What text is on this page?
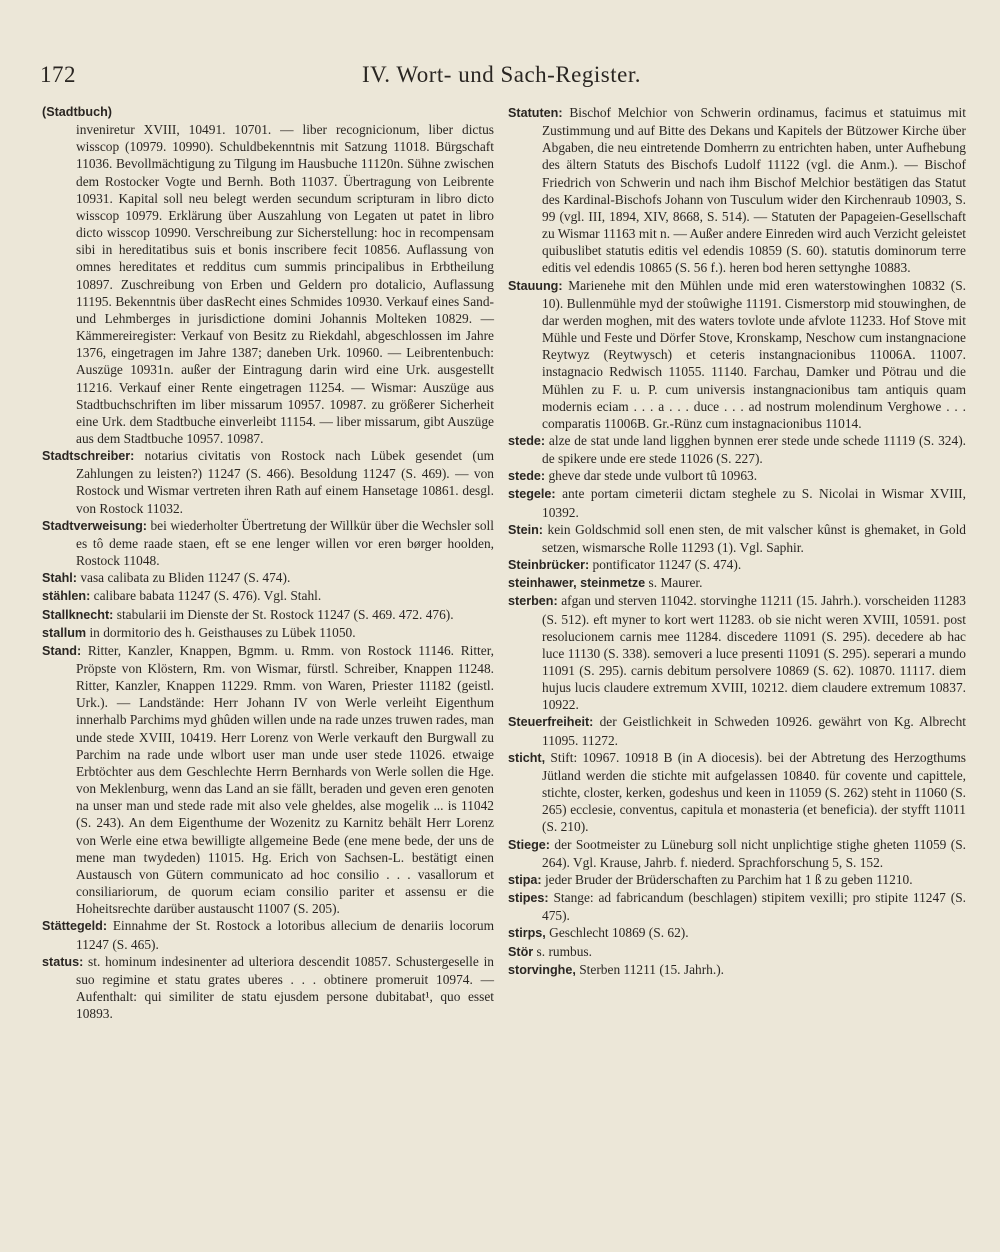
172	IV. Wort- und Sach-Register.

(Stadtbuch)
inveniretur XVIII, 10491. 10701. — liber recognicionum, liber dictus wisscop (10979. 10990). Schuldbekenntnis mit Satzung 11018. Bürgschaft 11036. Bevollmächtigung zu Tilgung im Hausbuche 11120n. Sühne zwischen dem Rostocker Vogte und Bernh. Both 11037. Übertragung von Leibrente 10931. Kapital soll neu belegt werden secundum scripturam in libro dicto wisscop 10979. Erklärung über Auszahlung von Legaten ut patet in libro dicto wisscop 10990. Verschreibung zur Sicherstellung: hoc in recompensam sibi in hereditatibus suis et bonis inscribere fecit 10856. Auflassung von omnes hereditates et redditus cum summis principalibus in Erbtheilung 10897. Zuschreibung von Erben und Geldern pro dotalicio, Auflassung 11195. Bekenntnis über dasRecht eines Schmides 10930. Verkauf eines Sand- und Lehmberges in jurisdictione domini Johannis Molteken 10829. — Kämmereiregister: Verkauf von Besitz zu Riekdahl, abgeschlossen im Jahre 1376, eingetragen im Jahre 1387; daneben Urk. 10960. — Leibrentenbuch: Auszüge 10931n. außer der Eintragung darin wird eine Urk. ausgestellt 11216. Verkauf einer Rente eingetragen 11254. — Wismar: Auszüge aus Stadtbuchschriften im liber missarum 10957. 10987. zu größerer Sicherheit eine Urk. dem Stadtbuche einverleibt 11154. — liber missarum, gibt Auszüge aus dem Stadtbuche 10957. 10987.

Stadtschreiber: notarius civitatis von Rostock nach Lübek gesendet (um Zahlungen zu leisten?) 11247 (S. 466). Besoldung 11247 (S. 469). — von Rostock und Wismar vertreten ihren Rath auf einem Hansetage 10861. desgl. von Rostock 11032.

Stadtverweisung: bei wiederholter Übertretung der Willkür über die Wechsler soll es tô deme raade staen, eft se ene lenger willen vor eren børger hoolden, Rostock 11048.

Stahl: vasa calibata zu Bliden 11247 (S. 474).

stählen: calibare babata 11247 (S. 476). Vgl. Stahl.

Stallknecht: stabularii im Dienste der St. Rostock 11247 (S. 469. 472. 476).

stallum in dormitorio des h. Geisthauses zu Lübek 11050.

Stand: Ritter, Kanzler, Knappen, Bgmm. u. Rmm. von Rostock 11146. Ritter, Pröpste von Klöstern, Rm. von Wismar, fürstl. Schreiber, Knappen 11248. Ritter, Kanzler, Knappen 11229. Rmm. von Waren, Priester 11182 (geistl. Urk.). — Landstände: Herr Johann IV von Werle verleiht Eigenthum innerhalb Parchims myd ghûden willen unde na rade unzes truwen rades, man unde stede XVIII, 10419. Herr Lorenz von Werle verkauft den Burgwall zu Parchim na rade unde wlbort user man unde user stede 11026. etwaige Erbtöchter aus dem Geschlechte Herrn Bernhards von Werle sollen die Hge. von Meklenburg, wenn das Land an sie fällt, beraden und geven eren genoten na unser man und stede rade mit also vele gheldes, alse mogelik ... is 11042 (S. 243). An dem Eigenthume der Wozenitz zu Karnitz behält Herr Lorenz von Werle eine etwa bewilligte allgemeine Bede (ene mene bede, der uns de mene man twydeden) 11015. Hg. Erich von Sachsen-L. bestätigt einen Austausch von Gütern communicato ad hoc consilio . . . vasallorum et consiliariorum, de quorum eciam consilio pariter et assensu er die Hoheitsrechte darüber austauscht 11007 (S. 205).

Stättegeld: Einnahme der St. Rostock a lotoribus allecium de denariis locorum 11247 (S. 465).

status: st. hominum indesinenter ad ulteriora descendit 10857. Schustergeselle in suo regimine et statu grates uberes . . . obtinere promeruit 10974. — Aufenthalt: qui similiter de statu ejusdem persone dubitabat¹, quo esset 10893.

Statuten: Bischof Melchior von Schwerin ordinamus, facimus et statuimus mit Zustimmung und auf Bitte des Dekans und Kapitels der Bützower Kirche über Abgaben, die neu eintretende Domherrn zu entrichten haben, unter Aufhebung des ältern Statuts des Bischofs Ludolf 11122 (vgl. die Anm.). — Bischof Friedrich von Schwerin und nach ihm Bischof Melchior bestätigen das Statut des Kardinal-Bischofs Johann von Tusculum wider den Kirchenraub 10903, S. 99 (vgl. III, 1894, XIV, 8668, S. 514). — Statuten der Papageien-Gesellschaft zu Wismar 11163 mit n. — Außer andere Einreden wird auch Verzicht geleistet quibuslibet statutis editis vel edendis 10859 (S. 60). statutis dominorum terre editis vel edendis 10865 (S. 56 f.). heren bod heren settynghe 10883.

Stauung: Marienehe mit den Mühlen unde mid eren waterstowinghen 10832 (S. 10). Bullenmühle myd der stoûwighe 11191. Cismerstorp mid stouwinghen, de dar werden moghen, mit des waters tovlote unde afvlote 11233. Hof Stove mit Mühle und Feste und Dörfer Stove, Kronskamp, Neschow cum instangnacione Reytwyz (Reytwysch) et ceteris instangnacionibus 11006A. 11007. instagnacio Redwisch 11055. 11140. Farchau, Damker und Pötrau und die Mühlen zu F. u. P. cum universis instangnacionibus tam antiquis quam modernis eciam . . . a . . . duce . . . ad nostrum molendinum Verghowe . . . comparatis 11006B. Gr.-Rünz cum instagnacionibus 11014.

stede: alze de stat unde land ligghen bynnen erer stede unde schede 11119 (S. 324). de spikere unde ere stede 11026 (S. 227).

stede: gheve dar stede unde vulbort tû 10963.

stegele: ante portam cimeterii dictam steghele zu S. Nicolai in Wismar XVIII, 10392.

Stein: kein Goldschmid soll enen sten, de mit valscher kûnst is ghemaket, in Gold setzen, wismarsche Rolle 11293 (1). Vgl. Saphir.

Steinbrücker: pontificator 11247 (S. 474).

steinhawer, steinmetze s. Maurer.

sterben: afgan und sterven 11042. storvinghe 11211 (15. Jahrh.). vorscheiden 11283 (S. 512). eft myner to kort wert 11283. ob sie nicht weren XVIII, 10591. post resolucionem carnis mee 11284. discedere 11091 (S. 295). decedere ab hac luce 11130 (S. 338). semoveri a luce presenti 11091 (S. 295). seperari a mundo 11091 (S. 295). carnis debitum persolvere 10869 (S. 62). 10870. 11117. diem hujus lucis claudere extremum XVIII, 10212. diem claudere extremum 10837. 10922.

Steuerfreiheit: der Geistlichkeit in Schweden 10926. gewährt von Kg. Albrecht 11095. 11272.

sticht, Stift: 10967. 10918 B (in A diocesis). bei der Abtretung des Herzogthums Jütland werden die stichte mit aufgelassen 10840. für covente und capittele, stichte, closter, kerken, godeshus und keen in 11059 (S. 262) steht in 11060 (S. 265) ecclesie, conventus, capitula et monasteria (et beneficia). der styfft 11011 (S. 210).

Stiege: der Sootmeister zu Lüneburg soll nicht unplichtige stighe gheten 11059 (S. 264). Vgl. Krause, Jahrb. f. niederd. Sprachforschung 5, S. 152.

stipa: jeder Bruder der Brüderschaften zu Parchim hat 1 ß zu geben 11210.

stipes: Stange: ad fabricandum (beschlagen) stipitem vexilli; pro stipite 11247 (S. 475).

stirps, Geschlecht 10869 (S. 62).

Stör s. rumbus.

storvinghe, Sterben 11211 (15. Jahrh.).
